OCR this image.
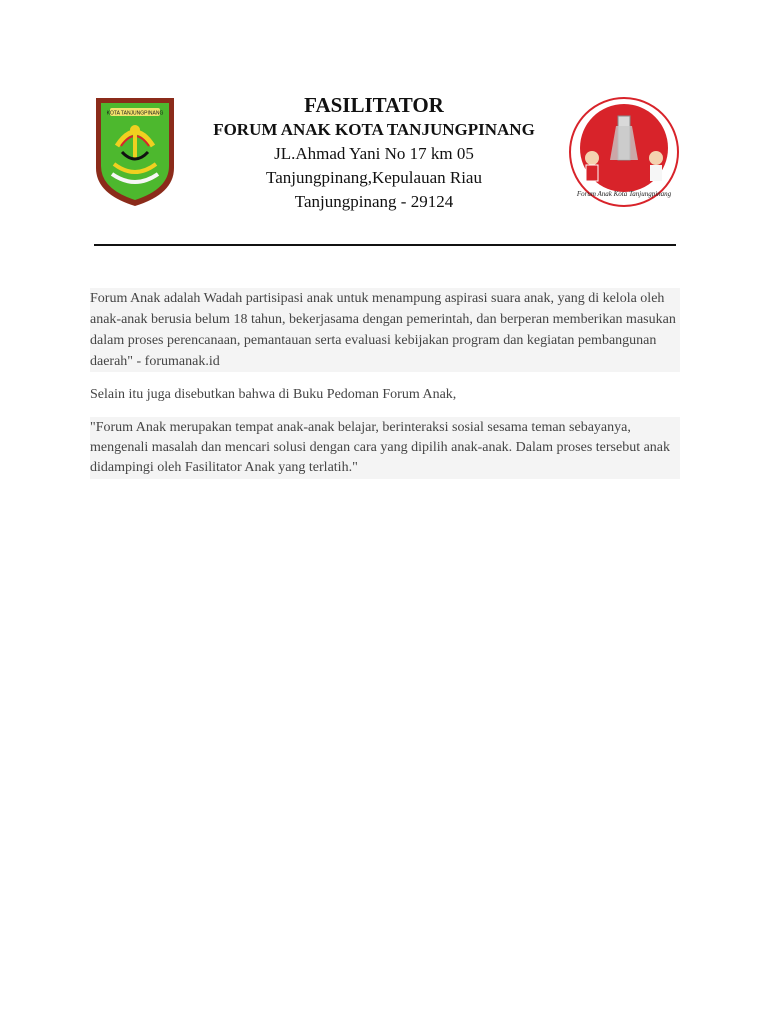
KOTA TANJUNGPINANG	FASILITATOR
FORUM ANAK KOTA TANJUNGPINANG
JL.Ahmad Yani No 17 km 05
Tanjungpinang,Kepulauan Riau
Tanjungpinang - 29124	Forum Anak Kota Tanjungpinang

Forum Anak adalah Wadah partisipasi anak untuk menampung aspirasi suara anak, yang di kelola oleh anak-anak berusia belum 18 tahun, bekerjasama dengan pemerintah, dan berperan memberikan masukan dalam proses perencanaan, pemantauan serta evaluasi kebijakan program dan kegiatan pembangunan daerah" - forumanak.id

Selain itu juga disebutkan bahwa di Buku Pedoman Forum Anak,

"Forum Anak merupakan tempat anak-anak belajar, berinteraksi sosial sesama teman sebayanya, mengenali masalah dan mencari solusi dengan cara yang dipilih anak-anak. Dalam proses tersebut anak didampingi oleh Fasilitator Anak yang terlatih."
